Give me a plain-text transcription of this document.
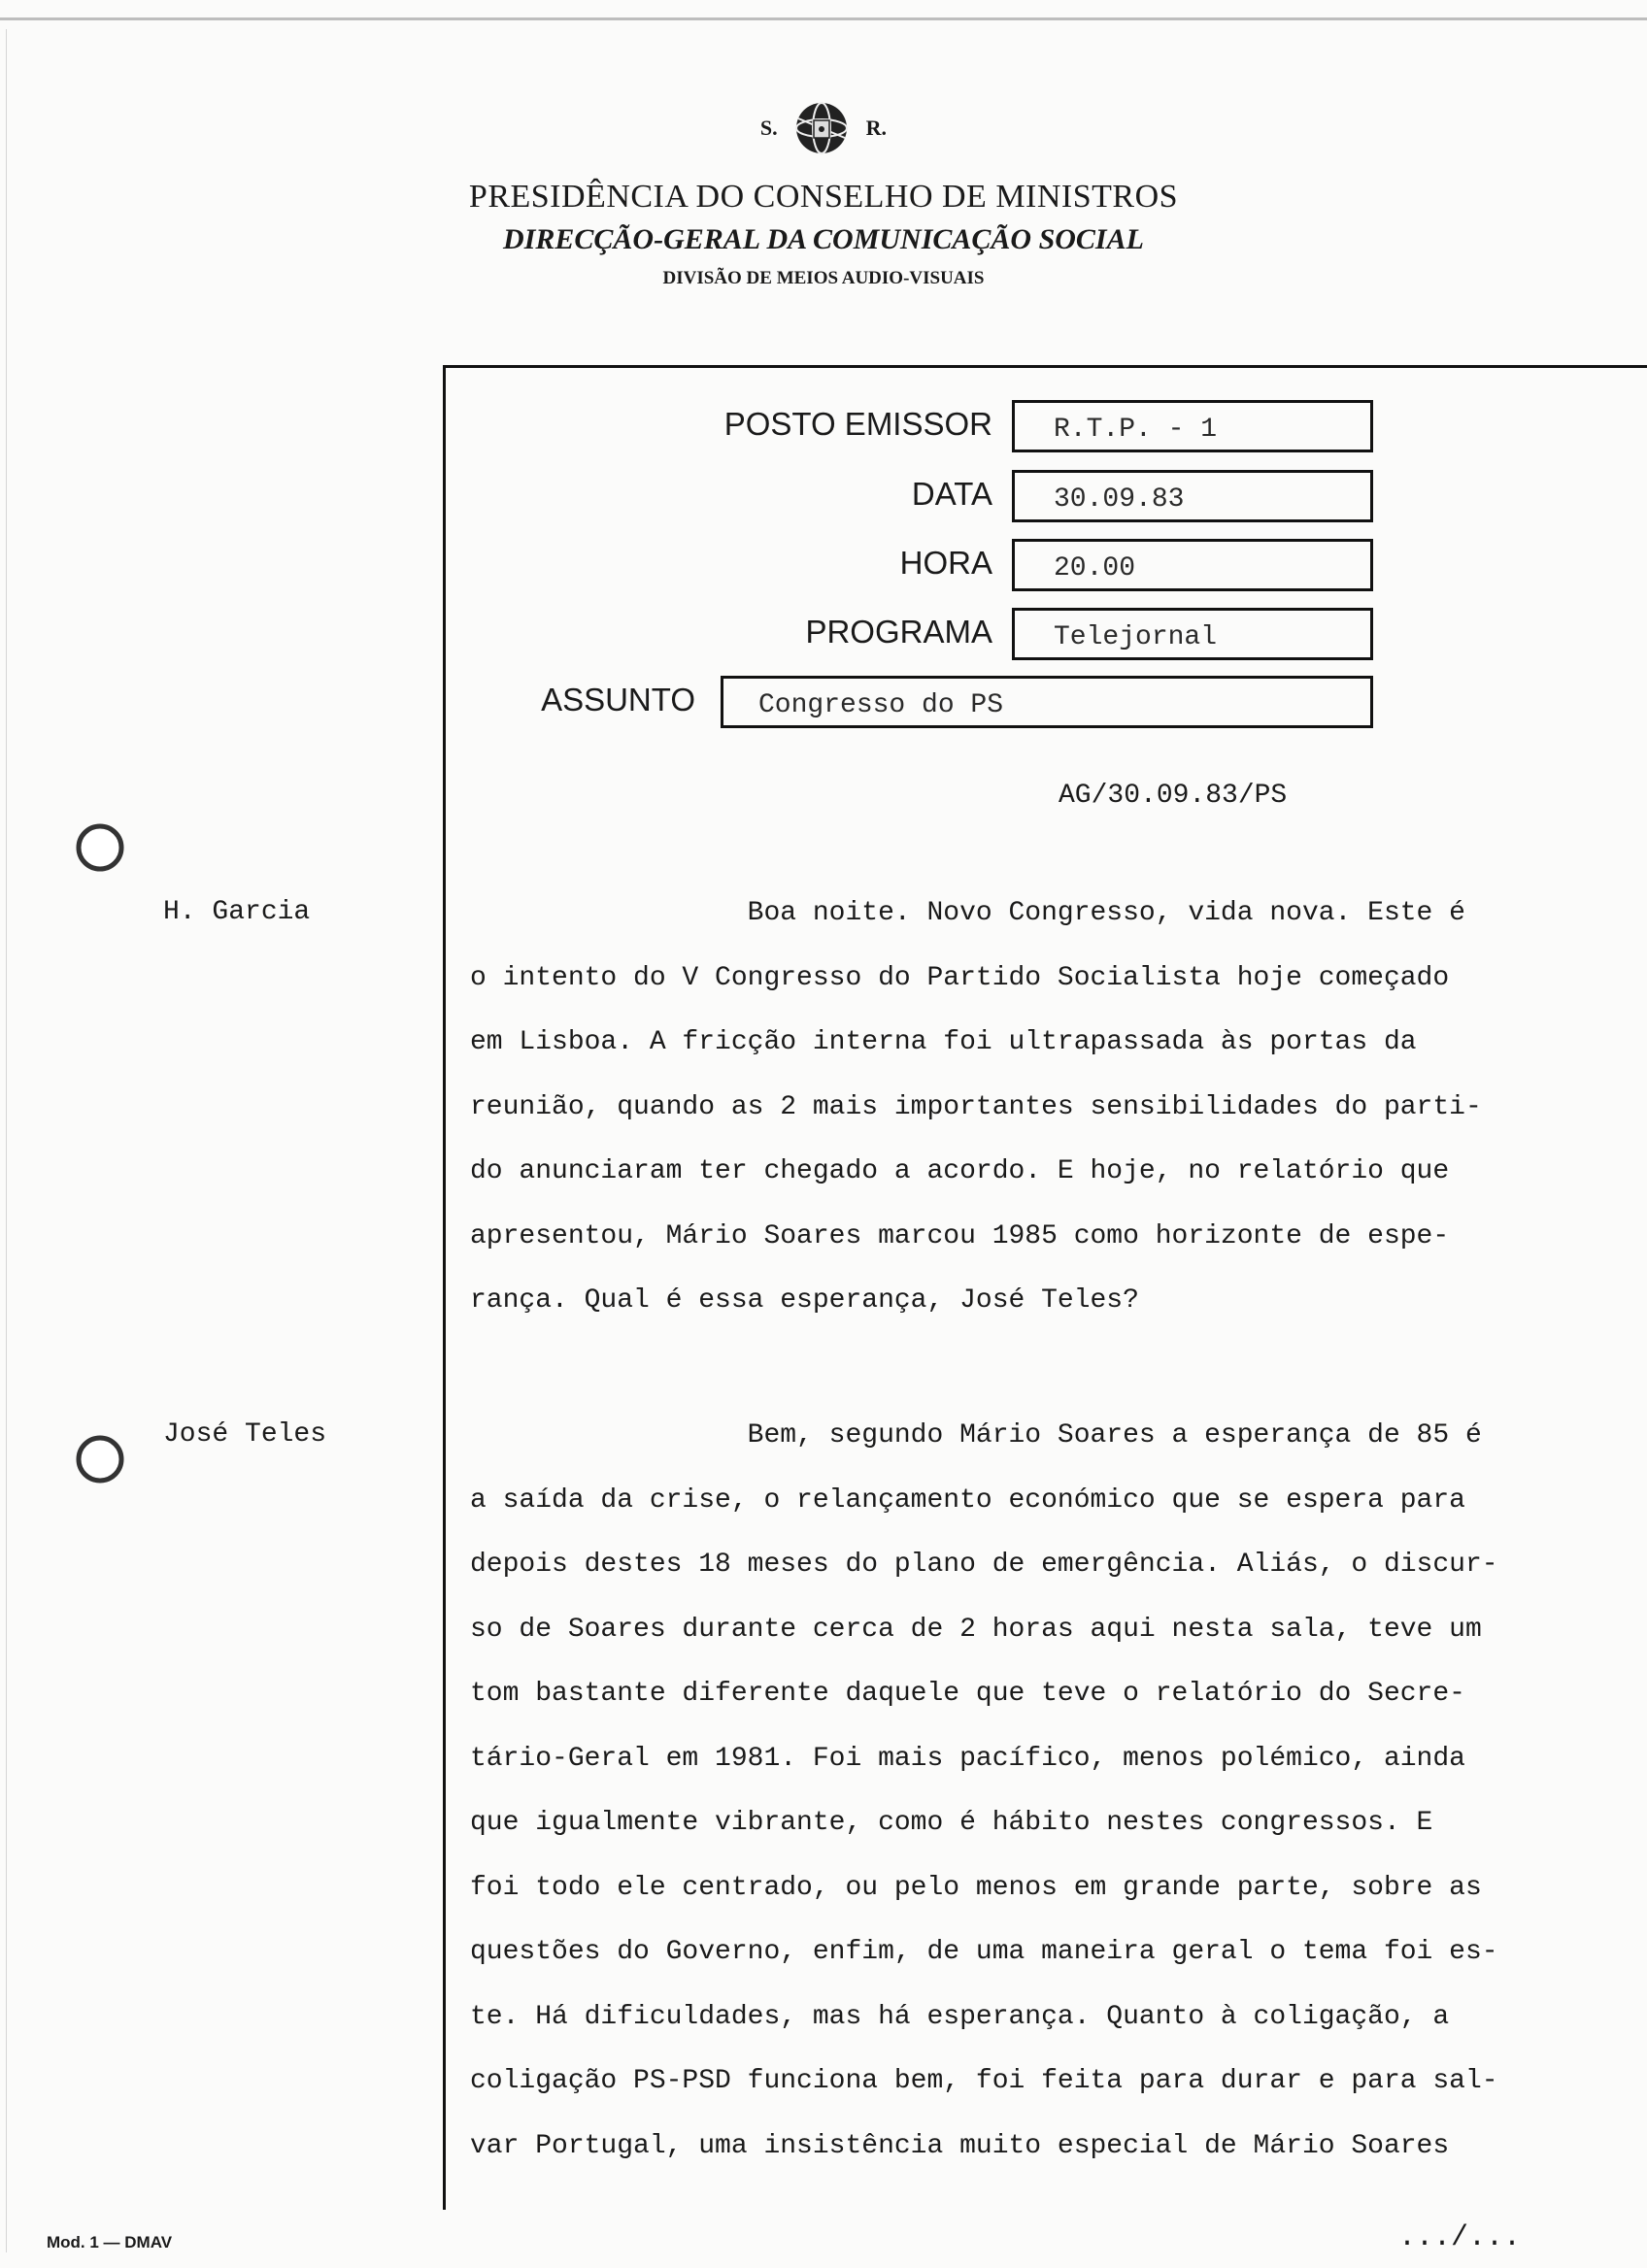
S.	R.
PRESIDÊNCIA DO CONSELHO DE MINISTROS
DIRECÇÃO-GERAL DA COMUNICAÇÃO SOCIAL
DIVISÃO DE MEIOS AUDIO-VISUAIS
POSTO EMISSOR	R.T.P. - 1
DATA	30.09.83
HORA	20.00
PROGRAMA	Telejornal
ASSUNTO	Congresso do PS
AG/30.09.83/PS
H. Garcia	Boa noite. Novo Congresso, vida nova. Este é
o intento do V Congresso do Partido Socialista hoje começado
em Lisboa. A fricção interna foi ultrapassada às portas da
reunião, quando as 2 mais importantes sensibilidades do parti-
do anunciaram ter chegado a acordo. E hoje, no relatório que
apresentou, Mário Soares marcou 1985 como horizonte de espe-
rança. Qual é essa esperança, José Teles?
José Teles	Bem, segundo Mário Soares a esperança de 85 é
a saída da crise, o relançamento económico que se espera para
depois destes 18 meses do plano de emergência. Aliás, o discur-
so de Soares durante cerca de 2 horas aqui nesta sala, teve um
tom bastante diferente daquele que teve o relatório do Secre-
tário-Geral em 1981. Foi mais pacífico, menos polémico, ainda
que igualmente vibrante, como é hábito nestes congressos. E
foi todo ele centrado, ou pelo menos em grande parte, sobre as
questões do Governo, enfim, de uma maneira geral o tema foi es-
te. Há dificuldades, mas há esperança. Quanto à coligação, a
coligação PS-PSD funciona bem, foi feita para durar e para sal-
var Portugal, uma insistência muito especial de Mário Soares
Mod. 1 — DMAV	.../...
